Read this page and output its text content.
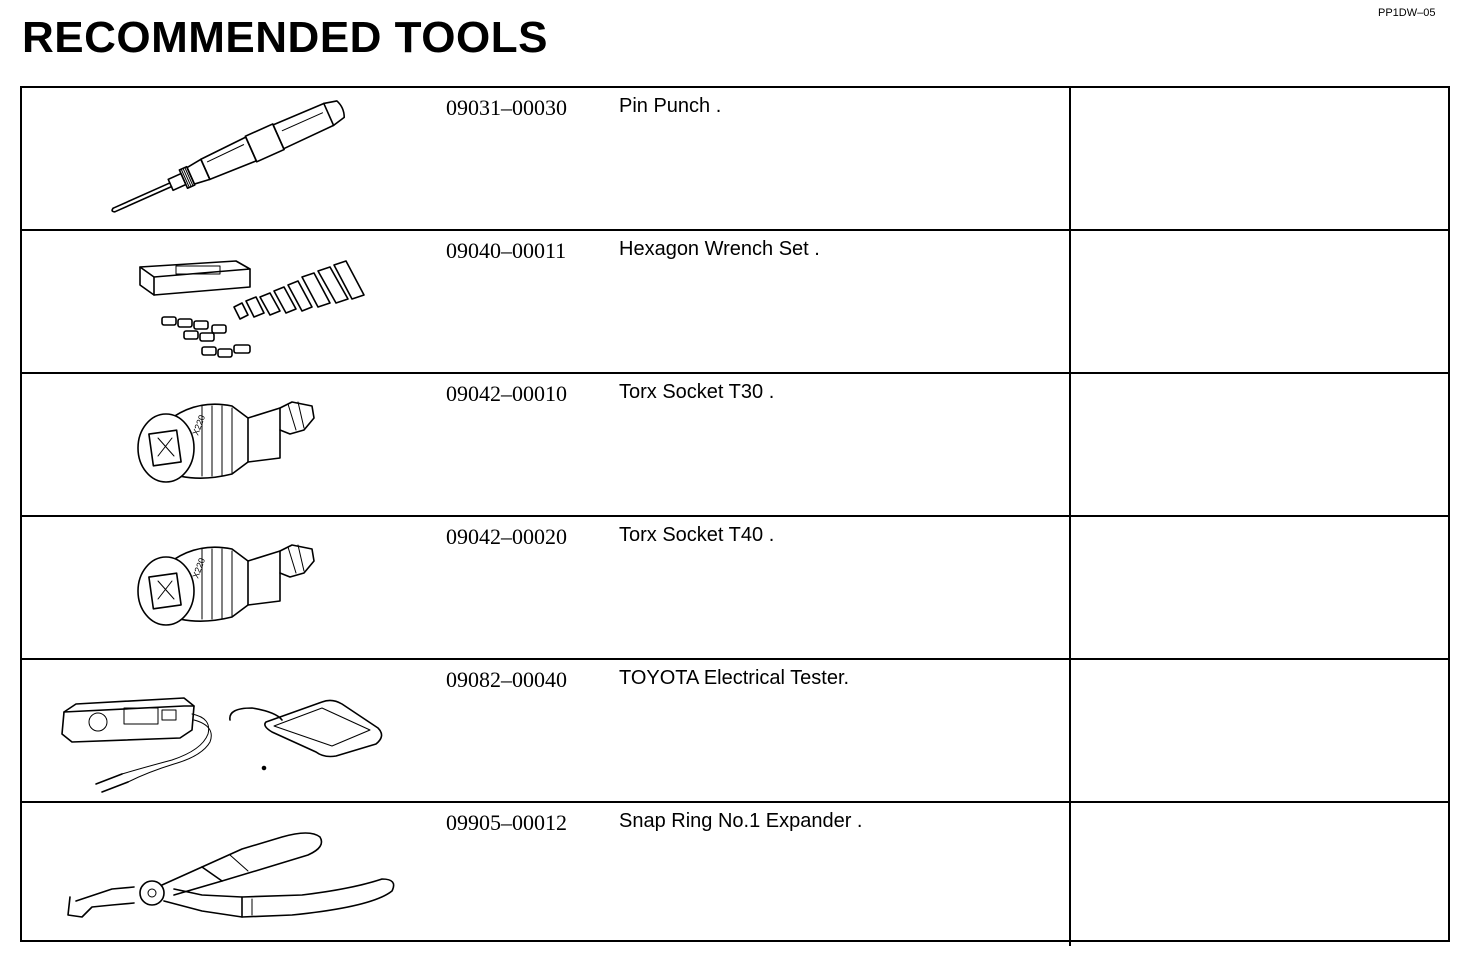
PP1DW–05
RECOMMENDED TOOLS
09031–00030	Pin Punch .
09040–00011	Hexagon Wrench Set .
X220
09042–00010	Torx Socket T30 .
X220
09042–00020	Torx Socket T40 .
09082–00040	TOYOTA Electrical Tester.
09905–00012	Snap Ring No.1 Expander .
